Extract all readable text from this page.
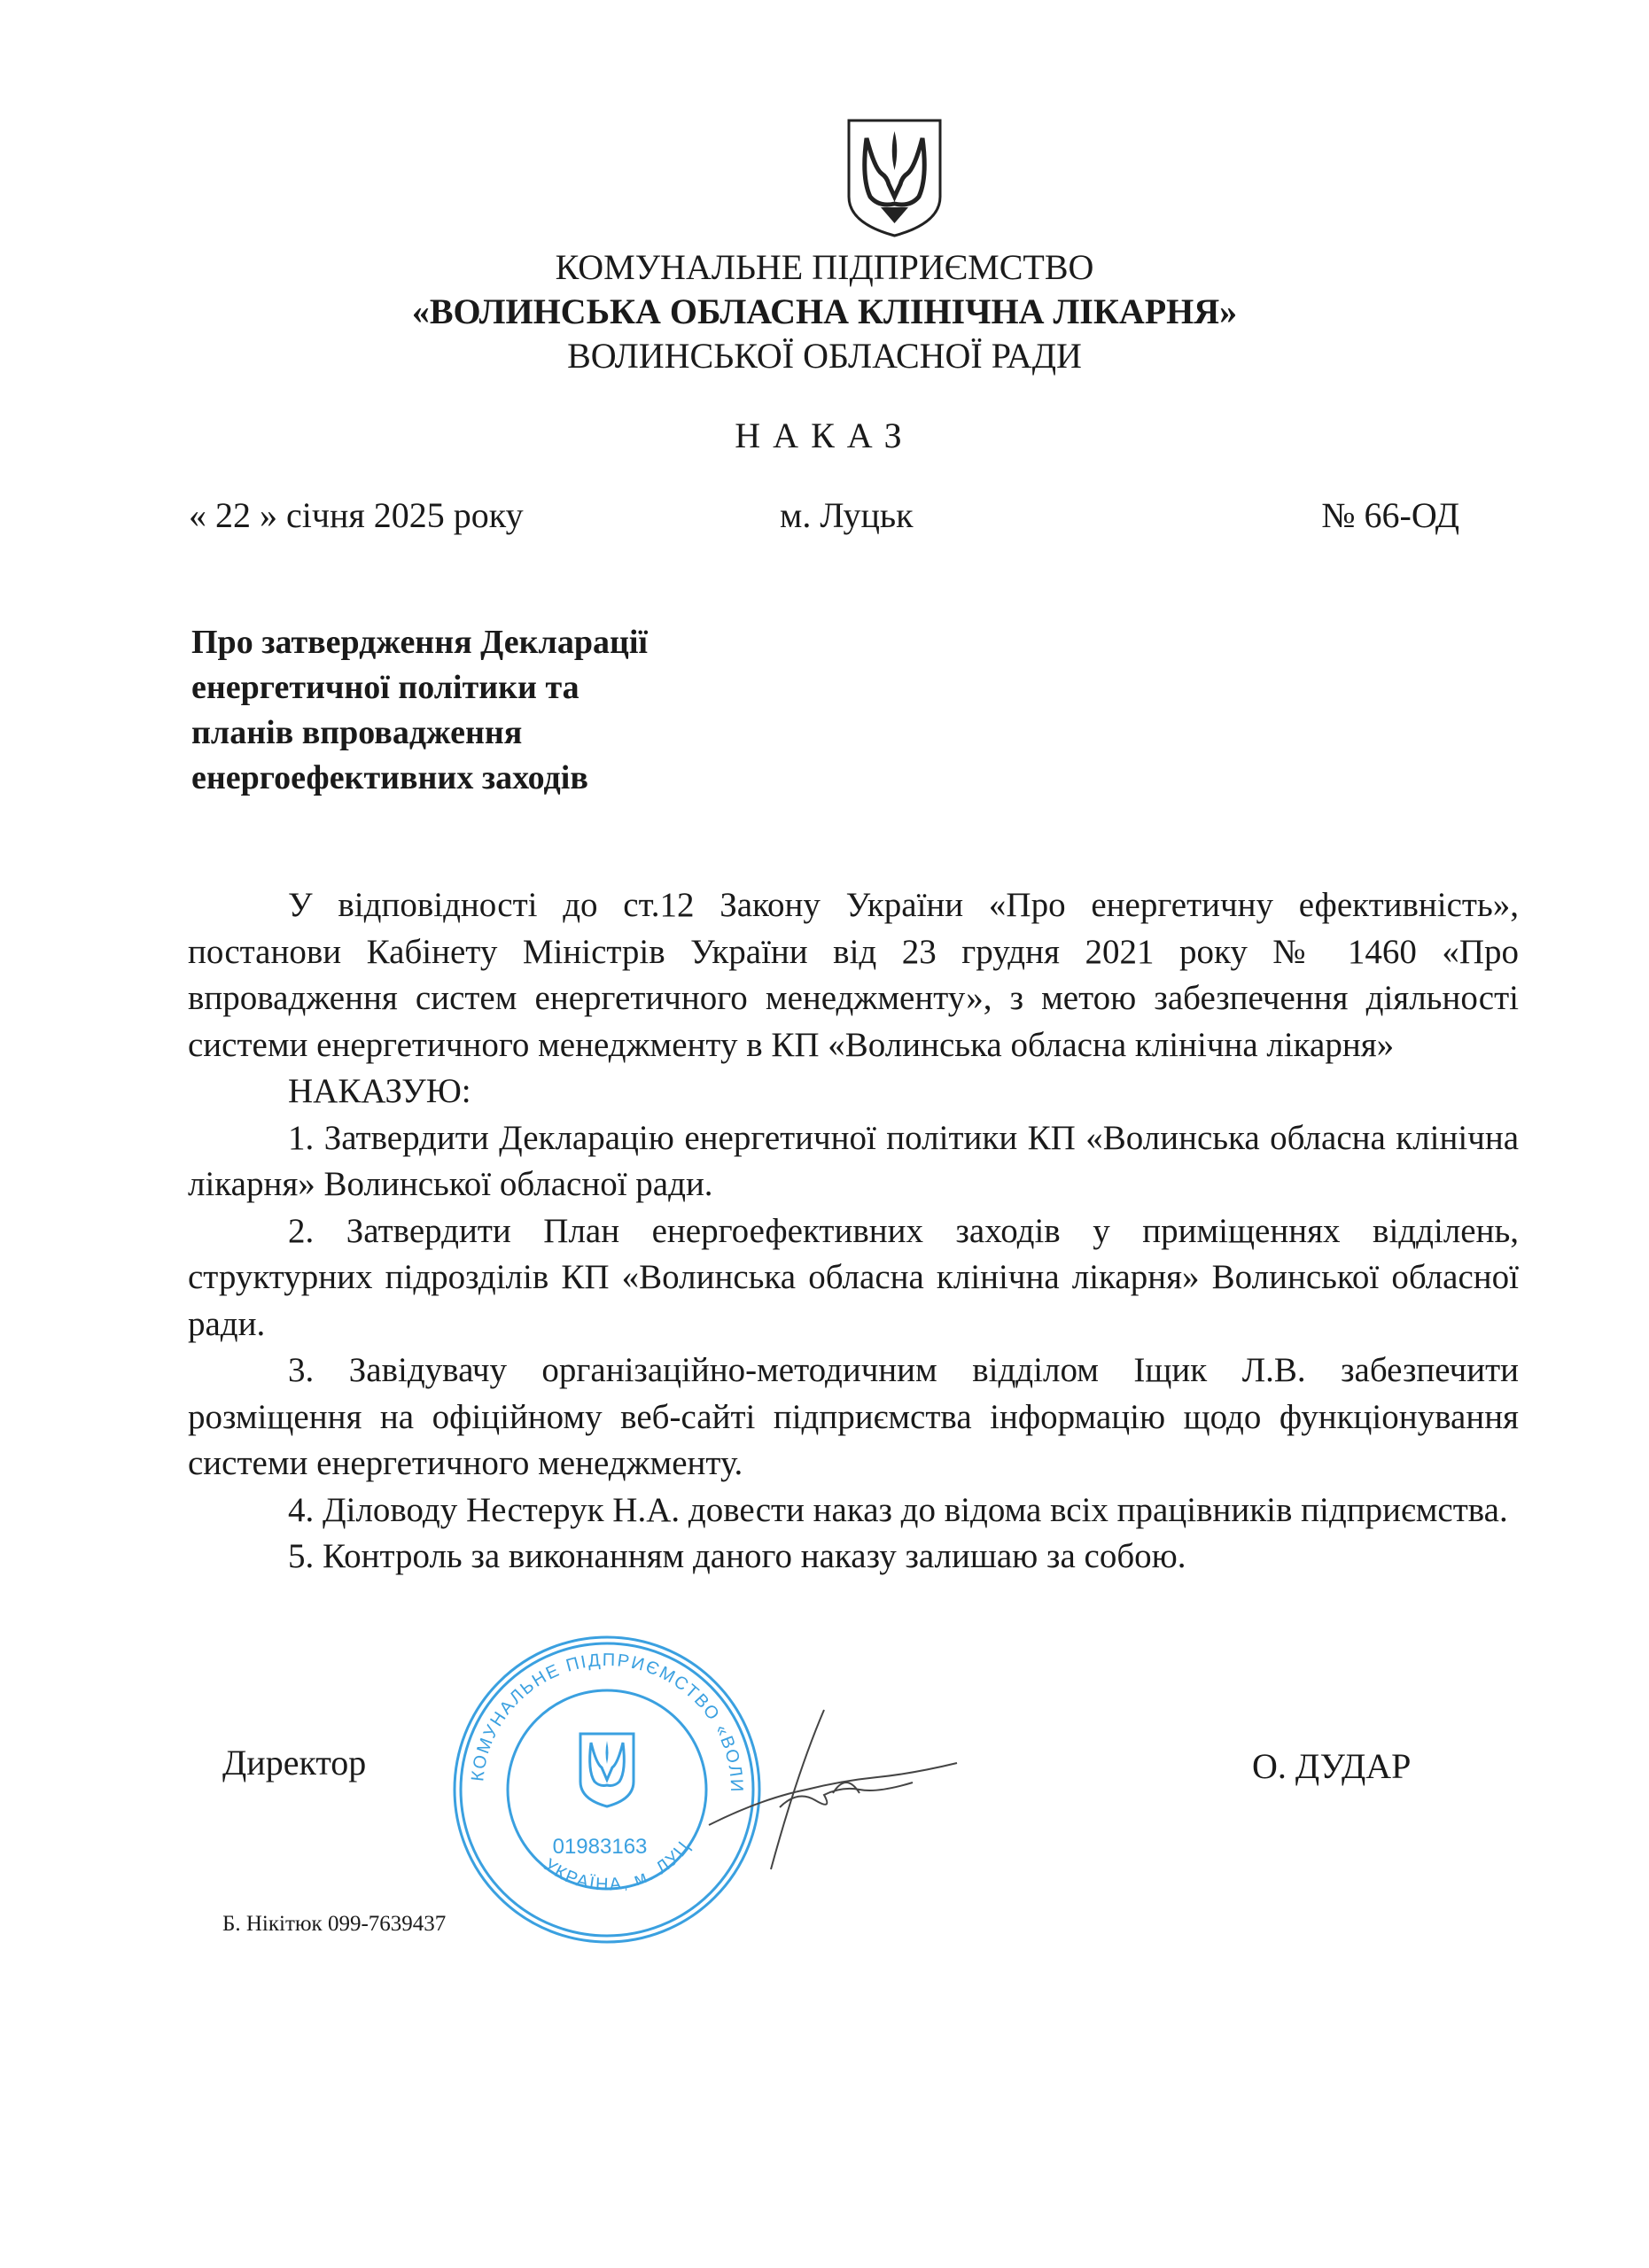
КОМУНАЛЬНЕ ПІДПРИЄМСТВО
«ВОЛИНСЬКА ОБЛАСНА КЛІНІЧНА ЛІКАРНЯ»
ВОЛИНСЬКОЇ ОБЛАСНОЇ РАДИ
НАКАЗ
« 22 » січня 2025 року	м. Луцьк	№ 66-ОД
Про затвердження Декларації
енергетичної політики та
планів впровадження
енергоефективних заходів

У відповідності до ст.12 Закону України «Про енергетичну ефективність», постанови Кабінету Міністрів України від 23 грудня 2021 року № 1460 «Про впровадження систем енергетичного менеджменту», з метою забезпечення діяльності системи енергетичного менеджменту в КП «Волинська обласна клінічна лікарня»

НАКАЗУЮ:

1. Затвердити Декларацію енергетичної політики КП «Волинська обласна клінічна лікарня» Волинської обласної ради.

2. Затвердити План енергоефективних заходів у приміщеннях відділень, структурних підрозділів КП «Волинська обласна клінічна лікарня» Волинської обласної ради.

3. Завідувачу організаційно-методичним відділом Іщик Л.В. забезпечити розміщення на офіційному веб-сайті підприємства інформацію щодо функціонування системи енергетичного менеджменту.

4. Діловоду Нестерук Н.А. довести наказ до відома всіх працівників підприємства.

5. Контроль за виконанням даного наказу залишаю за собою.

Директор	О. ДУДАР
КОМУНАЛЬНЕ ПІДПРИЄМСТВО «ВОЛИ
УКРАЇНА, м. ЛУЦ
01983163
Б. Нікітюк 099-7639437
